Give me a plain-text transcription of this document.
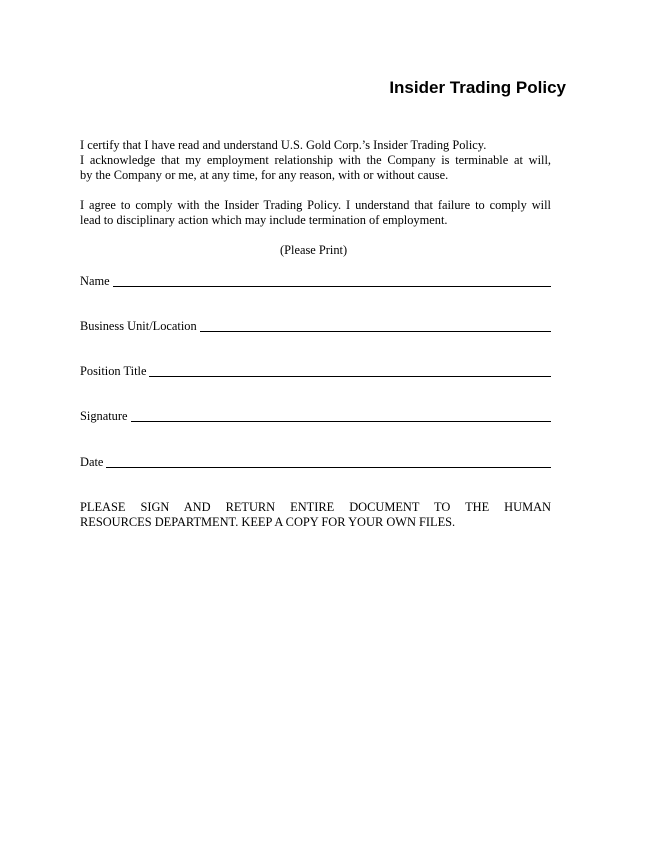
Insider Trading Policy

I certify that I have read and understand U.S. Gold Corp.’s Insider Trading Policy.
I acknowledge that my employment relationship with the Company is terminable at will,
by the Company or me, at any time, for any reason, with or without cause.

I agree to comply with the Insider Trading Policy. I understand that failure to comply will
lead to disciplinary action which may include termination of employment.

(Please Print)

Name
Business Unit/Location
Position Title
Signature
Date

PLEASE SIGN AND RETURN ENTIRE DOCUMENT TO THE HUMAN
RESOURCES DEPARTMENT. KEEP A COPY FOR YOUR OWN FILES.
